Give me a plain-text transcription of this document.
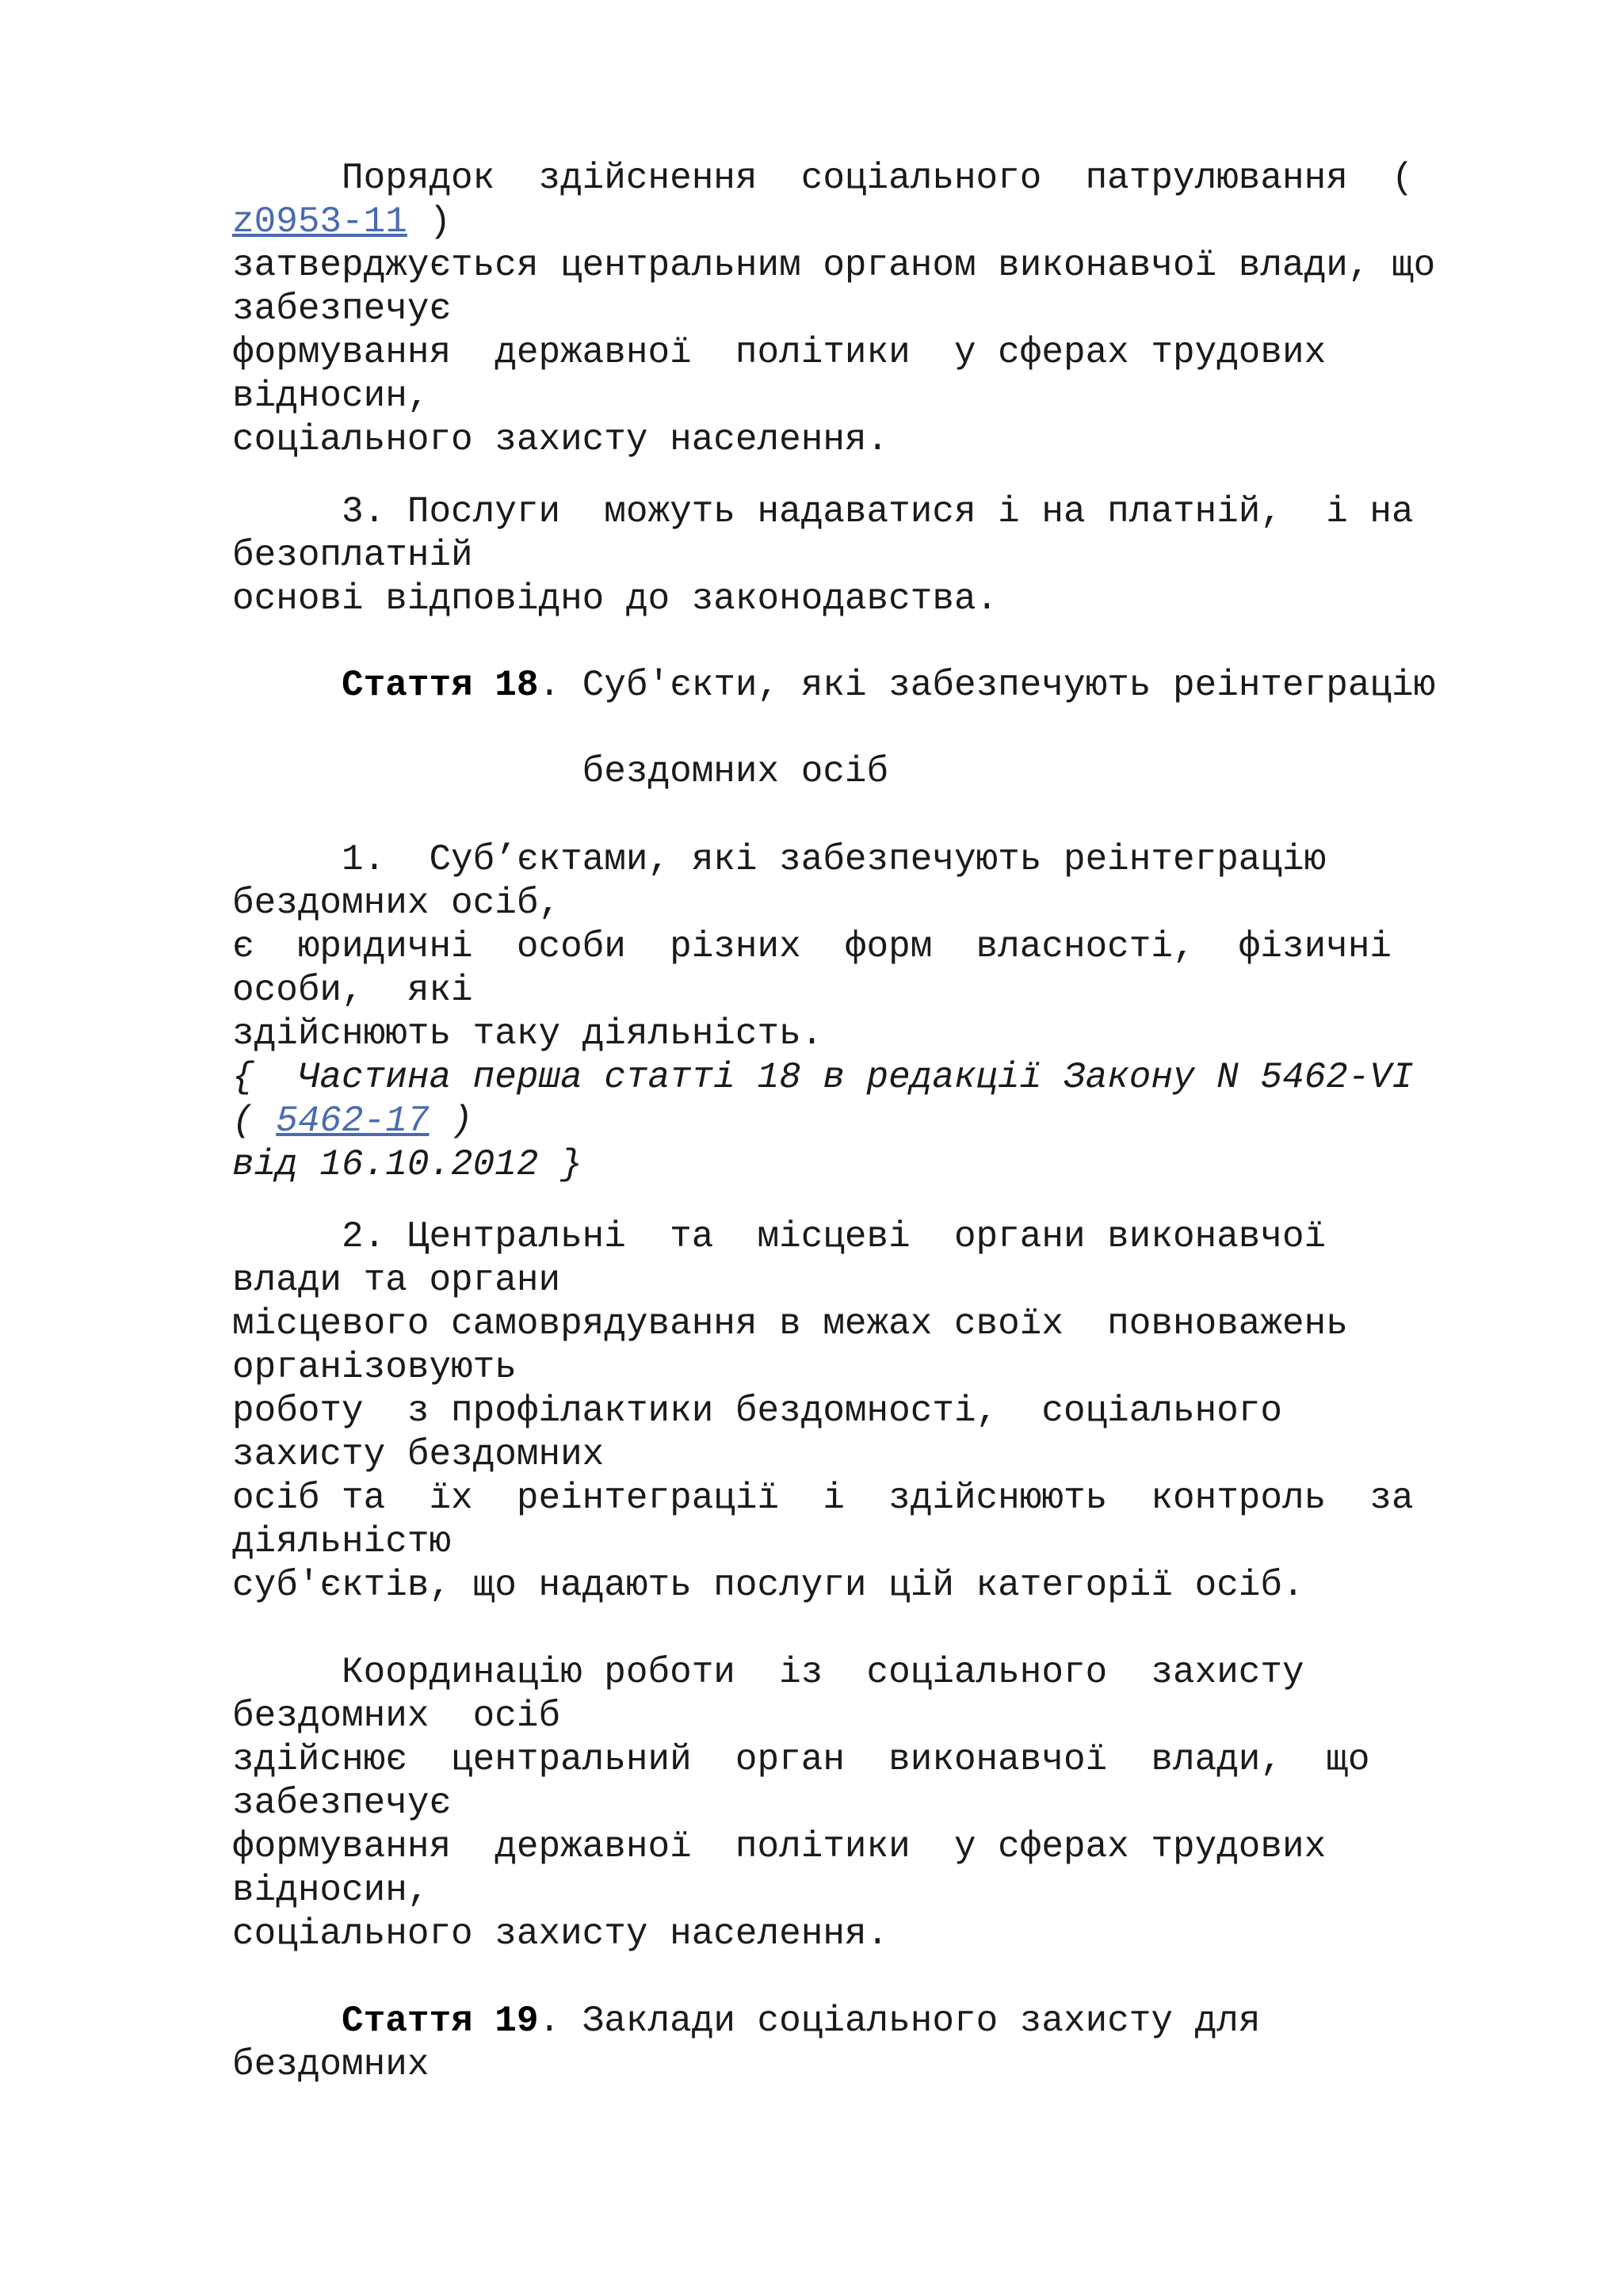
Порядок  здійснення  соціального  патрулювання  (

z0953-11 )

затверджується центральним органом виконавчої влади, що

забезпечує

формування  державної  політики  у сферах трудових

відносин,

соціального захисту населення.

3. Послуги  можуть надаватися і на платній,  і на

безоплатній

основі відповідно до законодавства.

Стаття 18. Суб'єкти, які забезпечують реінтеграцію

бездомних осіб

1.  Суб’єктами, які забезпечують реінтеграцію

бездомних осіб,

є  юридичні  особи  різних  форм  власності,  фізичні

особи,  які

здійснюють таку діяльність.

{  Частина перша статті 18 в редакції Закону N 5462-VI

( 5462-17 )

від 16.10.2012 }

2. Центральні  та  місцеві  органи виконавчої

влади та органи

місцевого самоврядування в межах своїх  повноважень

організовують

роботу  з профілактики бездомності,  соціального

захисту бездомних

осіб та  їх  реінтеграції  і  здійснюють  контроль  за

діяльністю

суб'єктів, що надають послуги цій категорії осіб.

Координацію роботи  із  соціального  захисту

бездомних  осіб

здійснює  центральний  орган  виконавчої  влади,  що

забезпечує

формування  державної  політики  у сферах трудових

відносин,

соціального захисту населення.

Стаття 19. Заклади соціального захисту для

бездомних
